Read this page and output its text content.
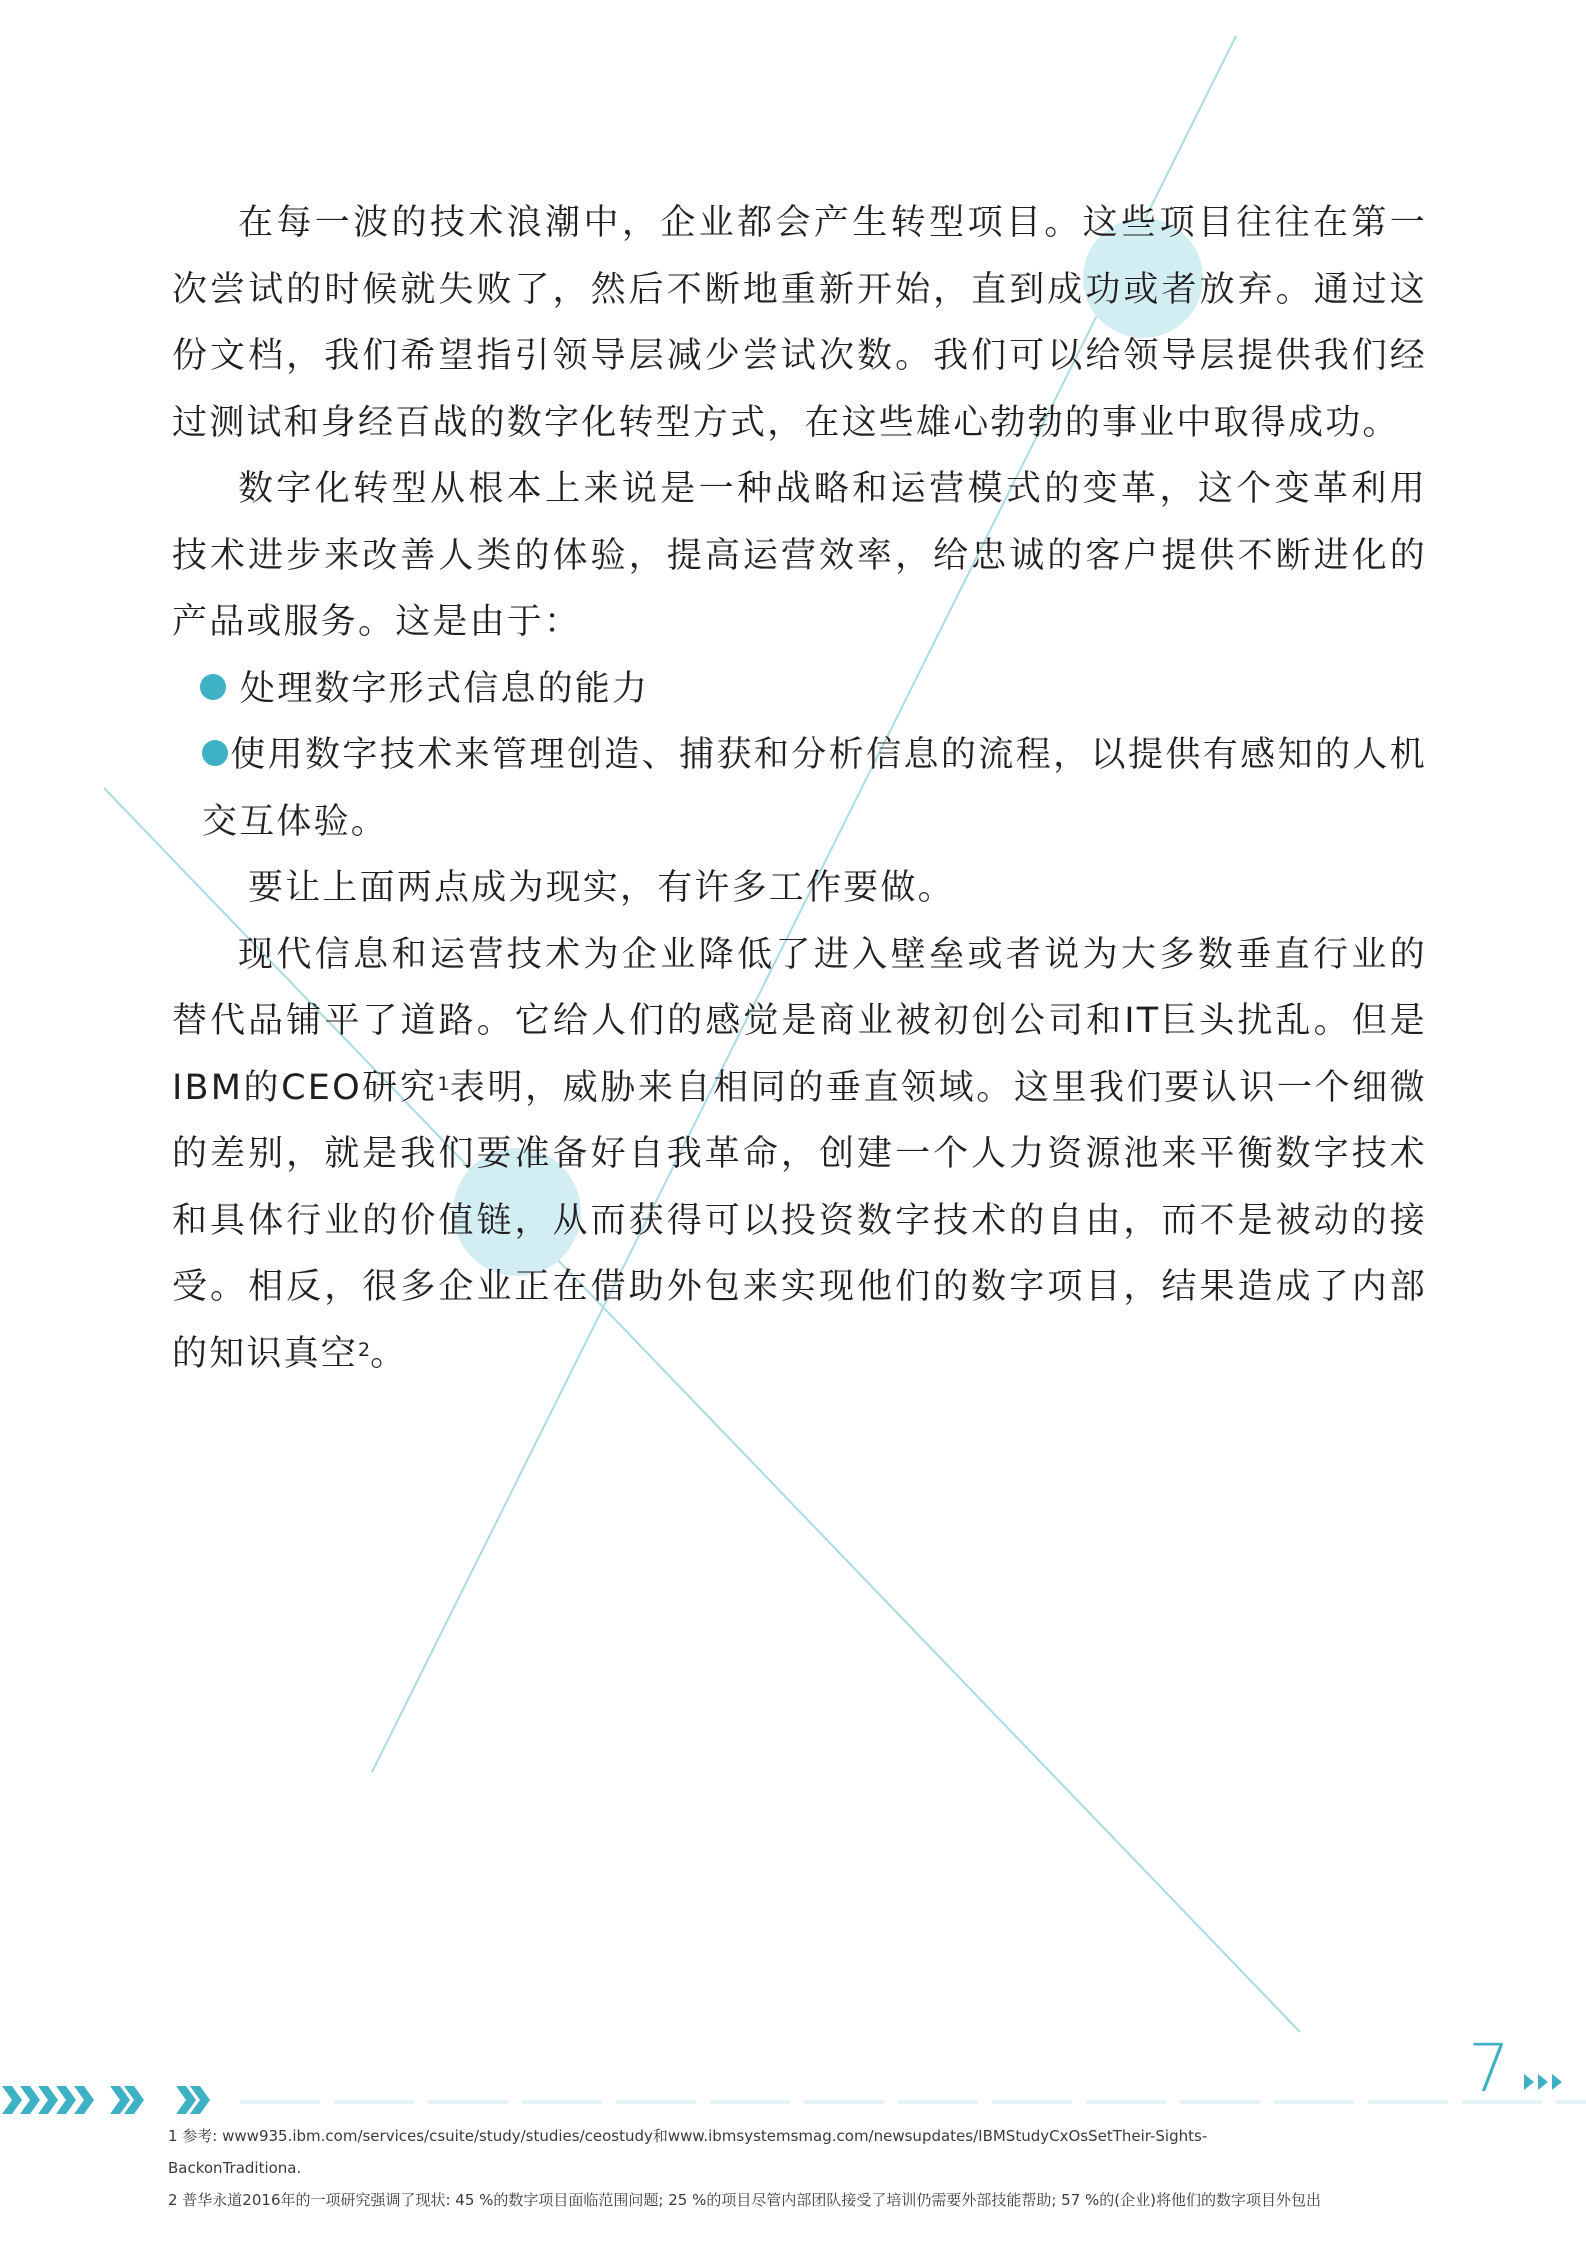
在每一波的技术浪潮中，企业都会产生转型项目。这些项目往往在第一次尝试的时候就失败了，然后不断地重新开始，直到成功或者放弃。通过这份文档，我们希望指引领导层减少尝试次数。我们可以给领导层提供我们经过测试和身经百战的数字化转型方式，在这些雄心勃勃的事业中取得成功。

数字化转型从根本上来说是一种战略和运营模式的变革，这个变革利用技术进步来改善人类的体验，提高运营效率，给忠诚的客户提供不断进化的产品或服务。这是由于：

处理数字形式信息的能力

使用数字技术来管理创造、捕获和分析信息的流程，以提供有感知的人机交互体验。

要让上面两点成为现实，有许多工作要做。

现代信息和运营技术为企业降低了进入壁垒或者说为大多数垂直行业的替代品铺平了道路。它给人们的感觉是商业被初创公司和IT巨头扰乱。但是IBM的CEO研究$^1$表明，威胁来自相同的垂直领域。这里我们要认识一个细微的差别，就是我们要准备好自我革命，创建一个人力资源池来平衡数字技术和具体行业的价值链，从而获得可以投资数字技术的自由，而不是被动的接受。相反，很多企业正在借助外包来实现他们的数字项目，结果造成了内部的知识真空$^2$。

7
1 参考: www935.ibm.com/services/csuite/study/studies/ceostudy和www.ibmsystemsmag.com/newsupdates/IBMStudyCxOsSetTheir-Sights-
BackonTraditiona.
2 普华永道2016年的一项研究强调了现状: 45 %的数字项目面临范围问题; 25 %的项目尽管内部团队接受了培训仍需要外部技能帮助; 57 %的(企业)将他们的数字项目外包出
